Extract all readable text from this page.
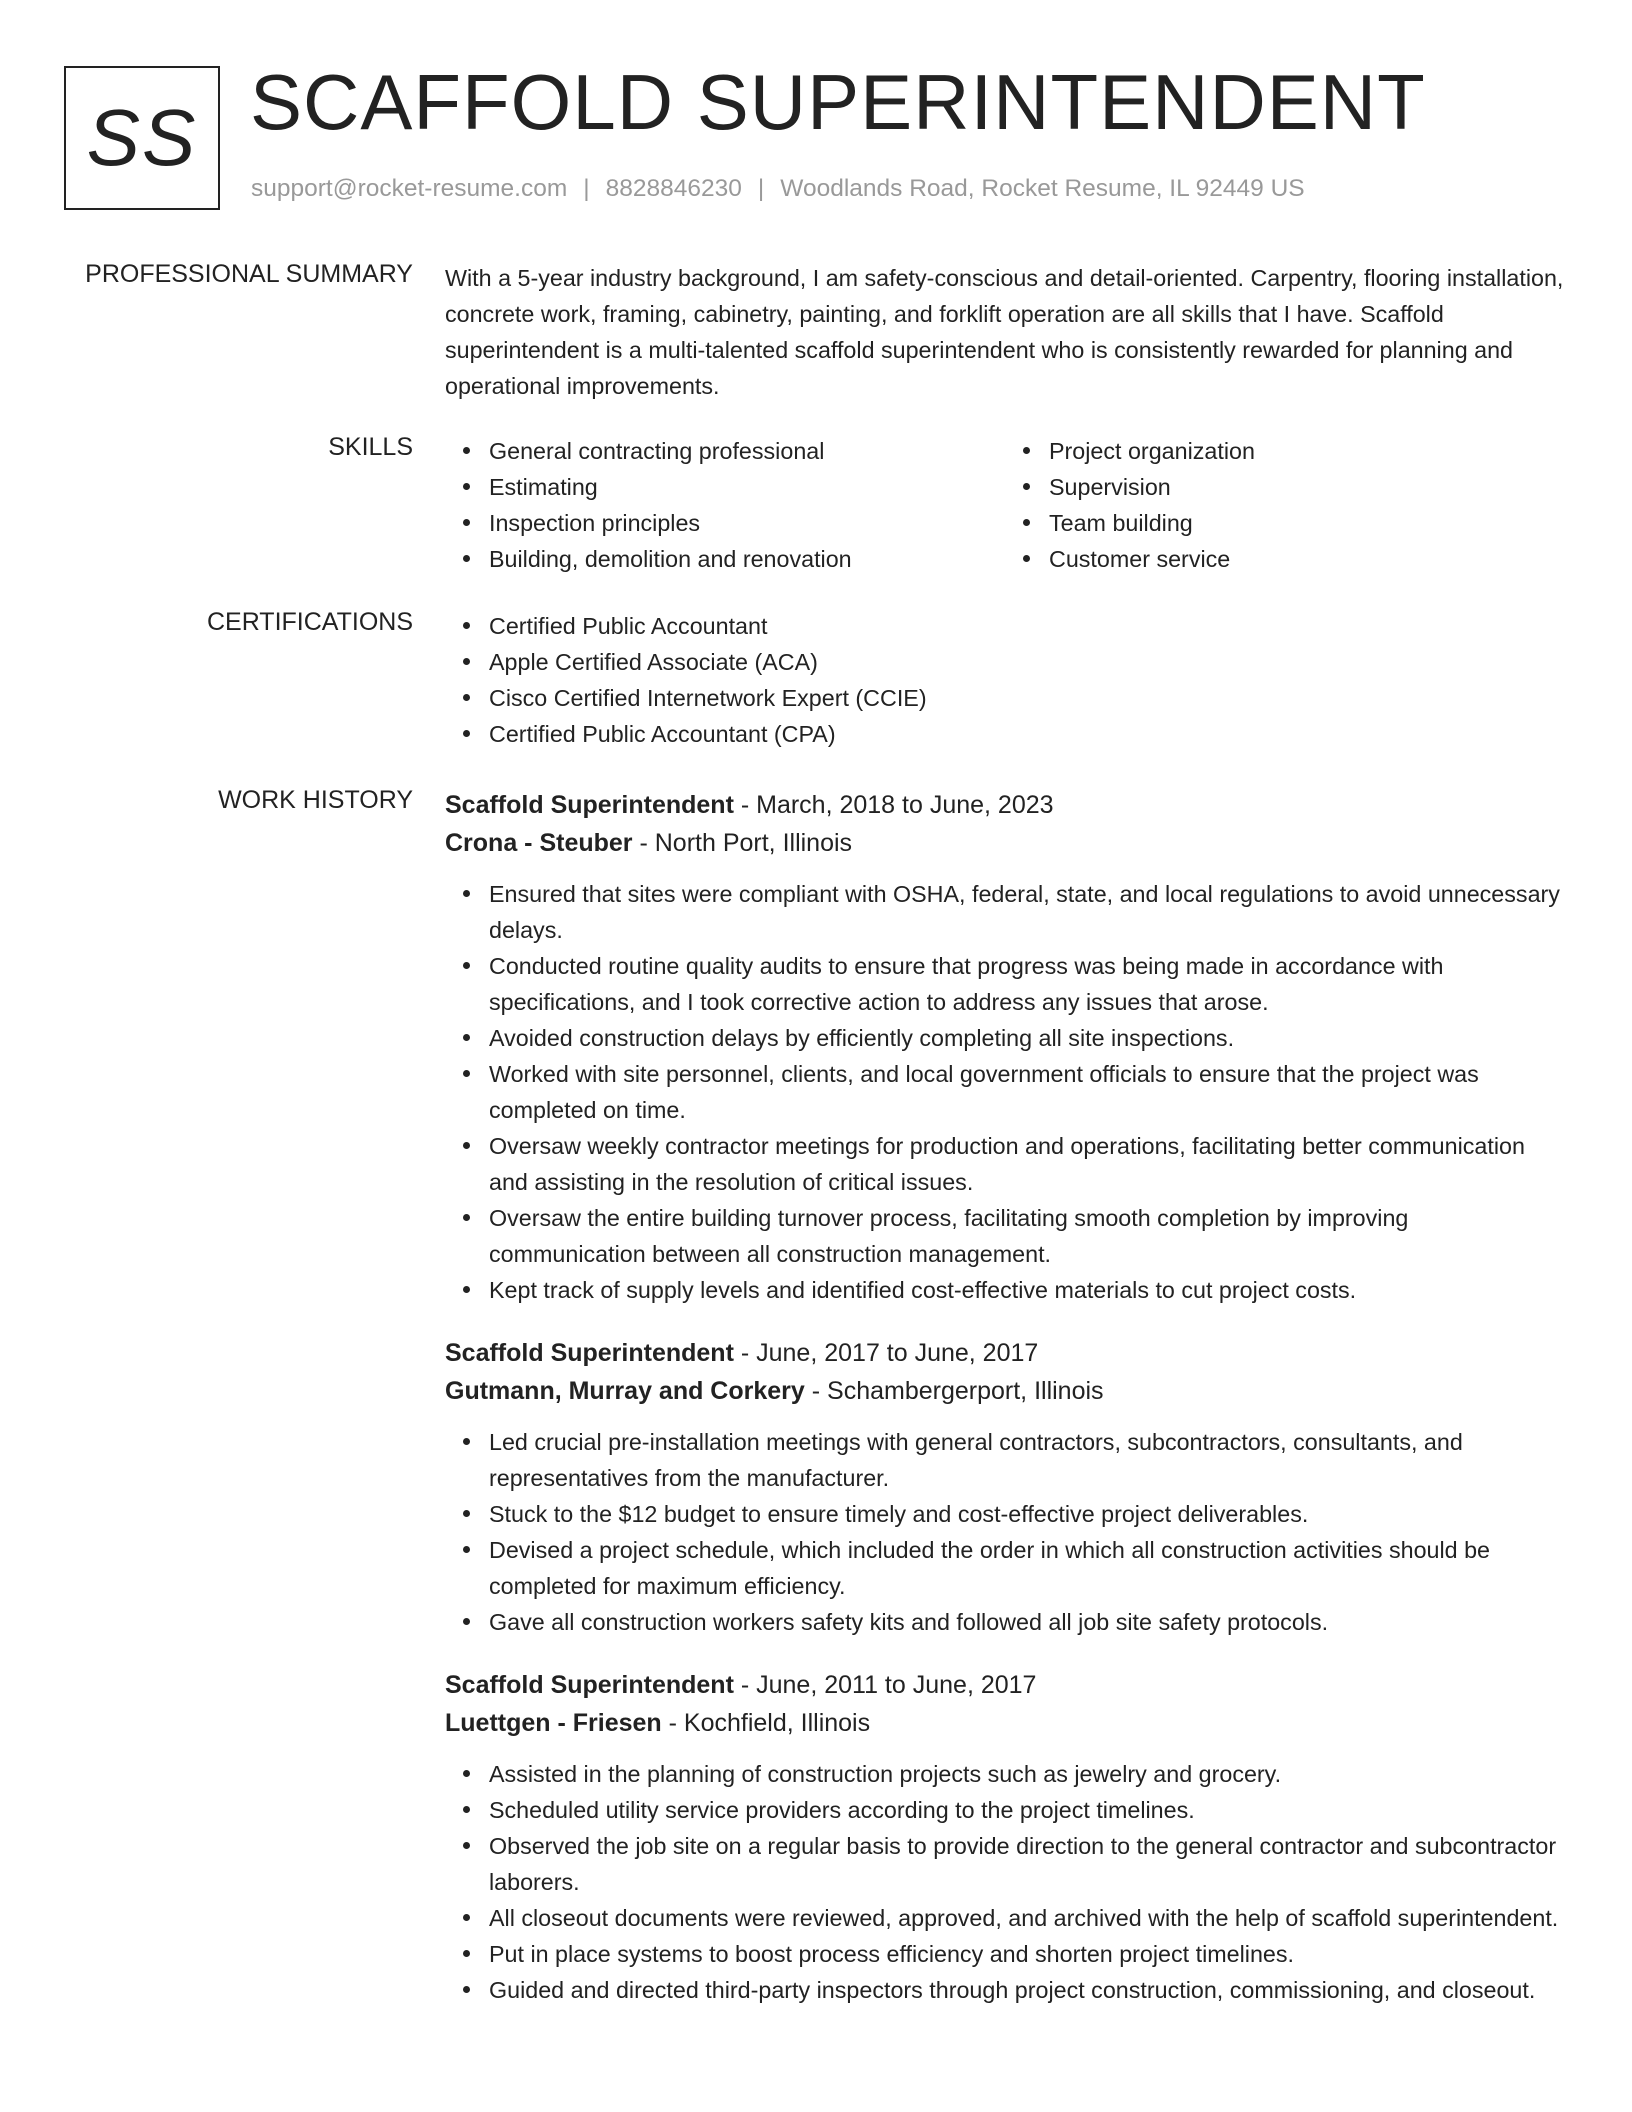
SS SCAFFOLD SUPERINTENDENT
support@rocket-resume.com | 8828846230 | Woodlands Road, Rocket Resume, IL 92449 US
PROFESSIONAL SUMMARY With a 5-year industry background, I am safety-conscious and detail-oriented. Carpentry, flooring installation, concrete work, framing, cabinetry, painting, and forklift operation are all skills that I have. Scaffold superintendent is a multi-talented scaffold superintendent who is consistently rewarded for planning and operational improvements.

SKILLS	General contracting professional
Estimating
Inspection principles
Building, demolition and renovation
Project organization
Supervision
Team building
Customer service
CERTIFICATIONS	Certified Public Accountant
Apple Certified Associate (ACA)
Cisco Certified Internetwork Expert (CCIE)
Certified Public Accountant (CPA)
WORK HISTORY Scaffold Superintendent - March, 2018 to June, 2023
Crona - Steuber - North Port, Illinois
Ensured that sites were compliant with OSHA, federal, state, and local regulations to avoid unnecessary delays.
Conducted routine quality audits to ensure that progress was being made in accordance with specifications, and I took corrective action to address any issues that arose.
Avoided construction delays by efficiently completing all site inspections.
Worked with site personnel, clients, and local government officials to ensure that the project was completed on time.
Oversaw weekly contractor meetings for production and operations, facilitating better communication and assisting in the resolution of critical issues.
Oversaw the entire building turnover process, facilitating smooth completion by improving communication between all construction management.
Kept track of supply levels and identified cost-effective materials to cut project costs.
Scaffold Superintendent - June, 2017 to June, 2017
Gutmann, Murray and Corkery - Schambergerport, Illinois
Led crucial pre-installation meetings with general contractors, subcontractors, consultants, and representatives from the manufacturer.
Stuck to the $12 budget to ensure timely and cost-effective project deliverables.
Devised a project schedule, which included the order in which all construction activities should be completed for maximum efficiency.
Gave all construction workers safety kits and followed all job site safety protocols.
Scaffold Superintendent - June, 2011 to June, 2017
Luettgen - Friesen - Kochfield, Illinois
Assisted in the planning of construction projects such as jewelry and grocery.
Scheduled utility service providers according to the project timelines.
Observed the job site on a regular basis to provide direction to the general contractor and subcontractor laborers.
All closeout documents were reviewed, approved, and archived with the help of scaffold superintendent.
Put in place systems to boost process efficiency and shorten project timelines.
Guided and directed third-party inspectors through project construction, commissioning, and closeout.
